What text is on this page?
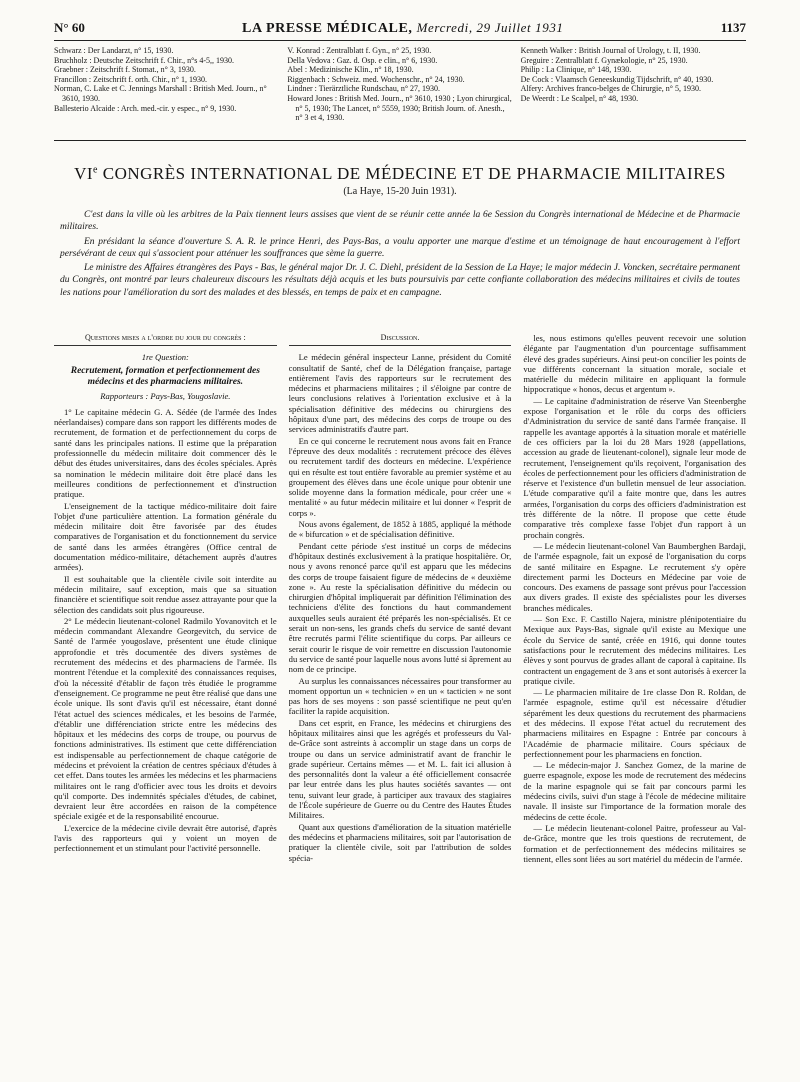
N° 60	LA PRESSE MÉDICALE, Mercredi, 29 Juillet 1931	1137
Schwarz : Der Landarzt, n° 15, 1930.
Bruchholz : Deutsche Zeitschrift f. Chir., n°s 4-5,, 1930.
Graebner : Zeitschrift f. Stomat., n° 3, 1930.
Francillon : Zeitschrift f. orth. Chir., n° 1, 1930.
Norman, C. Lake et C. Jennings Marshall : British Med. Journ., n° 3610, 1930.
Ballesterio Alcaide : Arch. med.-cir. y espec., n° 9, 1930.
V. Konrad : Zentralblatt f. Gyn., n° 25, 1930.
Della Vedova : Gaz. d. Osp. e clin., n° 6, 1930.
Abel : Medizinische Klin., n° 18, 1930.
Riggenbach : Schweiz. med. Wochenschr., n° 24, 1930.
Lindner : Tierärztliche Rundschau, n° 27, 1930.
Howard Jones : British Med. Journ., n° 3610, 1930 ; Lyon chirurgical, n° 5, 1930; The Lancet, n° 5559, 1930; British Journ. of. Anesth., n° 3 et 4, 1930.
Kenneth Walker : British Journal of Urology, t. II, 1930.
Greguire : Zentralblatt f. Gynækologie, n° 25, 1930.
Philip : La Clinique, n° 148, 1930.
De Cock : Vlaamsch Geneeskundig Tijdschrift, n° 40, 1930.
Alfery: Archives franco-belges de Chirurgie, n° 5, 1930.
De Weerdt : Le Scalpel, n° 48, 1930.
VIe CONGRÈS INTERNATIONAL DE MÉDECINE ET DE PHARMACIE MILITAIRES
(La Haye, 15-20 Juin 1931).

C'est dans la ville où les arbitres de la Paix tiennent leurs assises que vient de se réunir cette année la 6e Session du Congrès international de Médecine et de Pharmacie militaires.

En présidant la séance d'ouverture S. A. R. le prince Henri, des Pays-Bas, a voulu apporter une marque d'estime et un témoignage de haut encouragement à l'effort persévérant de ceux qui s'associent pour atténuer les souffrances que sème la guerre.

Le ministre des Affaires étrangères des Pays - Bas, le général major Dr. J. C. Diehl, président de la Session de La Haye; le major médecin J. Voncken, secrétaire permanent du Congrès, ont montré par leurs chaleureux discours les résultats déjà acquis et les buts poursuivis par cette confiante collaboration des médecins militaires et civils de toutes les nations pour l'amélioration du sort des malades et des blessés, en temps de paix et en campagne.

Questions mises a l'ordre du jour du congrès :
1re Question:
Recrutement, formation et perfectionnement des médecins et des pharmaciens militaires.
Rapporteurs : Pays-Bas, Yougoslavie.

1° Le capitaine médecin G. A. Sédée (de l'armée des Indes néerlandaises) compare dans son rapport les différents modes de recrutement, de formation et de perfectionnement du corps de santé dans les principales nations. Il estime que la préparation professionnelle du médecin militaire doit commencer dès le début des études universitaires, dans des écoles spéciales. Après sa nomination le médecin militaire doit être placé dans les meilleures conditions de perfectionnement et d'instruction pratique.

L'enseignement de la tactique médico-militaire doit faire l'objet d'une particulière attention. La formation générale du médecin militaire doit être favorisée par des études comparatives de l'organisation et du fonctionnement du service de santé dans les armées étrangères (Office central de documentation médico-militaire, détachement auprès d'autres armées).

Il est souhaitable que la clientèle civile soit interdite au médecin militaire, sauf exception, mais que sa situation financière et scientifique soit rendue assez attrayante pour que la sélection des candidats soit plus rigoureuse.

2° Le médecin lieutenant-colonel Radmilo Yovanovitch et le médecin commandant Alexandre Georgevitch, du service de Santé de l'armée yougoslave, présentent une étude clinique approfondie et très documentée des divers systèmes de recrutement des médecins et des pharmaciens de l'armée. Ils montrent l'étendue et la complexité des connaissances requises, d'où la nécessité d'établir de façon très étudiée le programme d'enseignement. Ce programme ne peut être réalisé que dans une école unique. Ils sont d'avis qu'il est nécessaire, étant donné l'état actuel des sciences médicales, et les besoins de l'armée, d'établir une différenciation stricte entre les médecins des hôpitaux et les médecins des corps de troupe, ou pourvus de fonctions administratives. Ils estiment que cette différenciation est indispensable au perfectionnement de chaque catégorie de médecins et prévoient la création de centres spéciaux d'études à cet effet. Dans toutes les armées les médecins et les pharmaciens militaires ont le rang d'officier avec tous les droits et devoirs qu'il comporte. Des indemnités spéciales d'études, de cabinet, devraient leur être accordées en raison de la compétence spéciale exigée et de la responsabilité encourue.

L'exercice de la médecine civile devrait être autorisé, d'après l'avis des rapporteurs qui y voient un moyen de perfectionnement et un stimulant pour l'activité personnelle.

Discussion.

Le médecin général inspecteur Lanne, président du Comité consultatif de Santé, chef de la Délégation française, partage entièrement l'avis des rapporteurs sur le recrutement des médecins et pharmaciens militaires ; il s'éloigne par contre de leurs conclusions relatives à l'orientation exclusive et à la spécialisation définitive des médecins ou chirurgiens des hôpitaux d'une part, des médecins des corps de troupe ou des services administratifs d'autre part.

En ce qui concerne le recrutement nous avons fait en France l'épreuve des deux modalités : recrutement précoce des élèves ou recrutement tardif des docteurs en médecine. L'expérience qui en résulte est tout entière favorable au premier système et au groupement des élèves dans une école unique pour obtenir une solide moyenne dans la formation médicale, pour créer une « mentalité » au futur médecin militaire et lui donner « l'esprit de corps ».

Nous avons également, de 1852 à 1885, appliqué la méthode de « bifurcation » et de spécialisation définitive.

Pendant cette période s'est institué un corps de médecins d'hôpitaux destinés exclusivement à la pratique hospitalière. Or, nous y avons renoncé parce qu'il est apparu que les médecins des corps de troupe faisaient figure de médecins de « deuxième zone ». Au reste la spécialisation définitive du médecin ou chirurgien d'hôpital impliquerait par définition l'élimination des techniciens d'élite des fonctions du haut commandement auxquelles seuls auraient été préparés les non-spécialisés. Et ce serait un non-sens, les grands chefs du service de santé devant être recrutés parmi l'élite scientifique du corps. Par ailleurs ce serait courir le risque de voir remettre en discussion l'autonomie du service de santé pour laquelle nous avons lutté si âprement au nom de ce principe.

Au surplus les connaissances nécessaires pour transformer au moment opportun un « technicien » en un « tacticien » ne sont pas hors de ses moyens : son passé scientifique ne peut qu'en faciliter la rapide acquisition.

Dans cet esprit, en France, les médecins et chirurgiens des hôpitaux militaires ainsi que les agrégés et professeurs du Val-de-Grâce sont astreints à accomplir un stage dans un corps de troupe ou dans un service administratif avant de franchir le grade supérieur. Certains mêmes — et M. L. fait ici allusion à des personnalités dont la valeur a été officiellement consacrée par leur entrée dans les plus hautes sociétés savantes — ont tenu, suivant leur grade, à participer aux travaux des stagiaires de l'École supérieure de Guerre ou du Centre des Hautes Études Militaires.

Quant aux questions d'amélioration de la situation matérielle des médecins et pharmaciens militaires, soit par l'autorisation de pratiquer la clientèle civile, soit par l'attribution de soldes spécia-

les, nous estimons qu'elles peuvent recevoir une solution élégante par l'augmentation d'un pourcentage suffisamment élevé des grades supérieurs. Ainsi peut-on concilier les points de vue différents concernant la situation morale, sociale et matérielle du médecin militaire en appliquant la formule hippocratique « honos, decus et argentum ».

— Le capitaine d'administration de réserve Van Steenberghe expose l'organisation et le rôle du corps des officiers d'Administration du service de santé dans l'armée française. Il rappelle les avantage apportés à la situation morale et matérielle de ces officiers par la loi du 28 Mars 1928 (appellations, accession au grade de lieutenant-colonel), signale leur mode de recrutement, l'enseignement qu'ils reçoivent, l'organisation des écoles de perfectionnement pour les officiers d'administration de réserve et l'existence d'un bulletin mensuel de leur association. L'étude comparative qu'il a faite montre que, dans les autres armées, l'organisation du corps des officiers d'administration est très différente de la nôtre. Il propose que cette étude comparative très complexe fasse l'objet d'un rapport à un prochain congrès.

— Le médecin lieutenant-colonel Van Baumberghen Bardaji, de l'armée espagnole, fait un exposé de l'organisation du corps de santé militaire en Espagne. Le recrutement s'y opère directement parmi les Docteurs en Médecine par voie de concours. Des examens de passage sont prévus pour l'accession aux divers grades. Il existe des spécialistes pour les diverses branches médicales.

— Son Exc. F. Castillo Najera, ministre plénipotentiaire du Mexique aux Pays-Bas, signale qu'il existe au Mexique une école du Service de santé, créée en 1916, qui donne toutes satisfactions pour le recrutement des médecins militaires. Les élèves y sont pourvus de grades allant de caporal à capitaine. Ils contractent un engagement de 3 ans et sont autorisés à exercer la pratique civile.

— Le pharmacien militaire de 1re classe Don R. Roldan, de l'armée espagnole, estime qu'il est nécessaire d'étudier séparément les deux questions du recrutement des pharmaciens et des médecins. Il expose l'état actuel du recrutement des pharmaciens militaires en Espagne : Entrée par concours à l'Académie de pharmacie militaire. Cours spéciaux de perfectionnement pour les pharmaciens en fonction.

— Le médecin-major J. Sanchez Gomez, de la marine de guerre espagnole, expose les mode de recrutement des médecins de la marine espagnole qui se fait par concours parmi les médecins civils, suivi d'un stage à l'école de médecine militaire navale. Il insiste sur l'importance de la formation morale des médecins de cette école.

— Le médecin lieutenant-colonel Paitre, professeur au Val-de-Grâce, montre que les trois questions de recrutement, de formation et de perfectionnement des médecins militaires se tiennent, elles sont liées au sort matériel du médecin de l'armée.
